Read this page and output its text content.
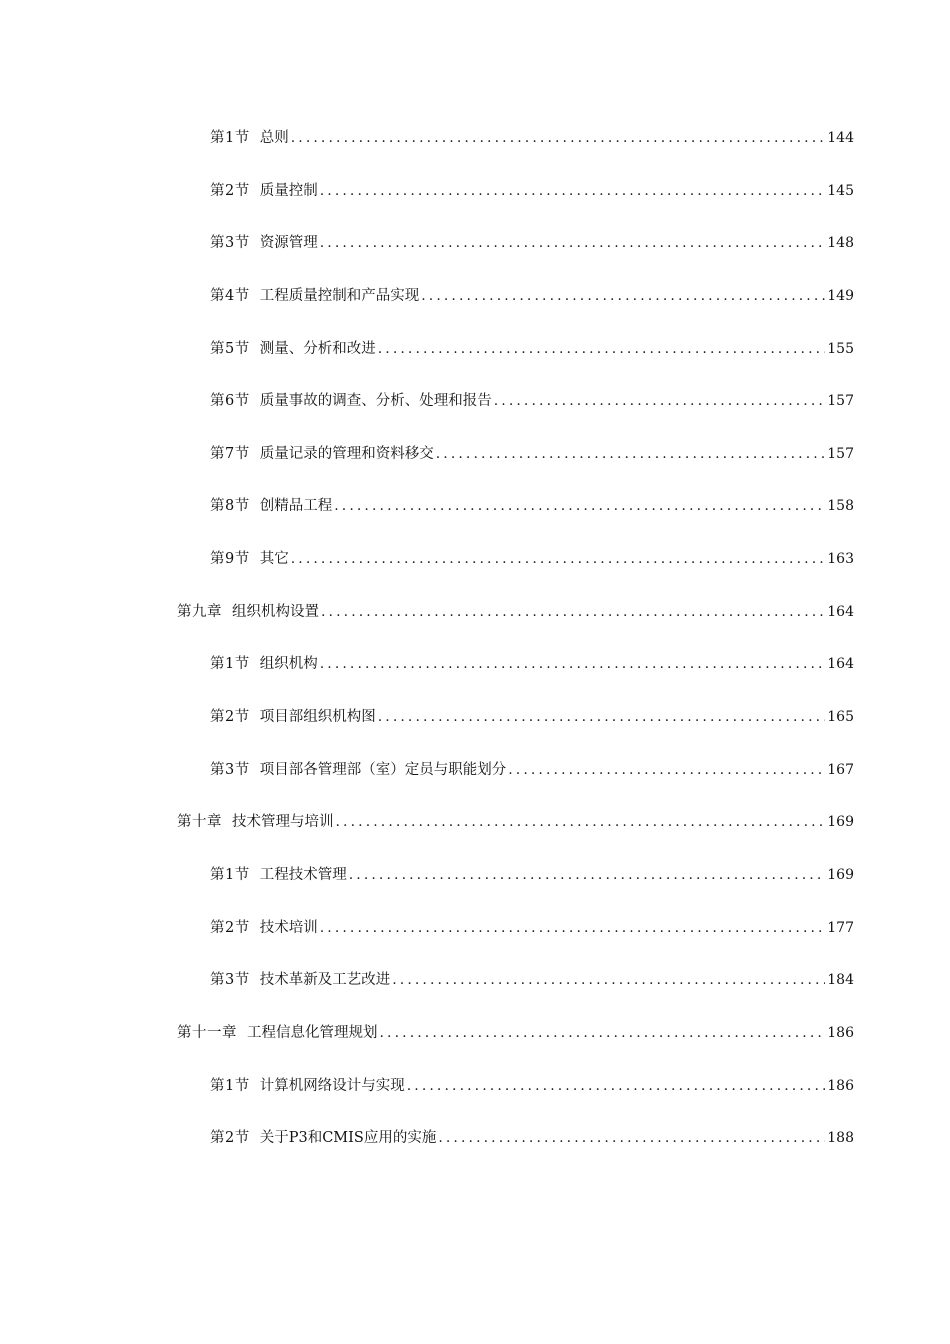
第1节 总则 .....	144
第2节 质量控制 .....	145
第3节 资源管理 .....	148
第4节 工程质量控制和产品实现 .....	149
第5节 测量、分析和改进 .....	155
第6节 质量事故的调查、分析、处理和报告 .....	157
第7节 质量记录的管理和资料移交 .....	157
第8节 创精品工程 .....	158
第9节 其它 .....	163
第九章 组织机构设置 .....	164
第1节 组织机构 .....	164
第2节 项目部组织机构图 .....	165
第3节 项目部各管理部（室）定员与职能划分 .....	167
第十章 技术管理与培训 .....	169
第1节 工程技术管理 .....	169
第2节 技术培训 .....	177
第3节 技术革新及工艺改进 .....	184
第十一章 工程信息化管理规划 .....	186
第1节 计算机网络设计与实现 .....	186
第2节 关于P3和CMIS应用的实施 .....	188
